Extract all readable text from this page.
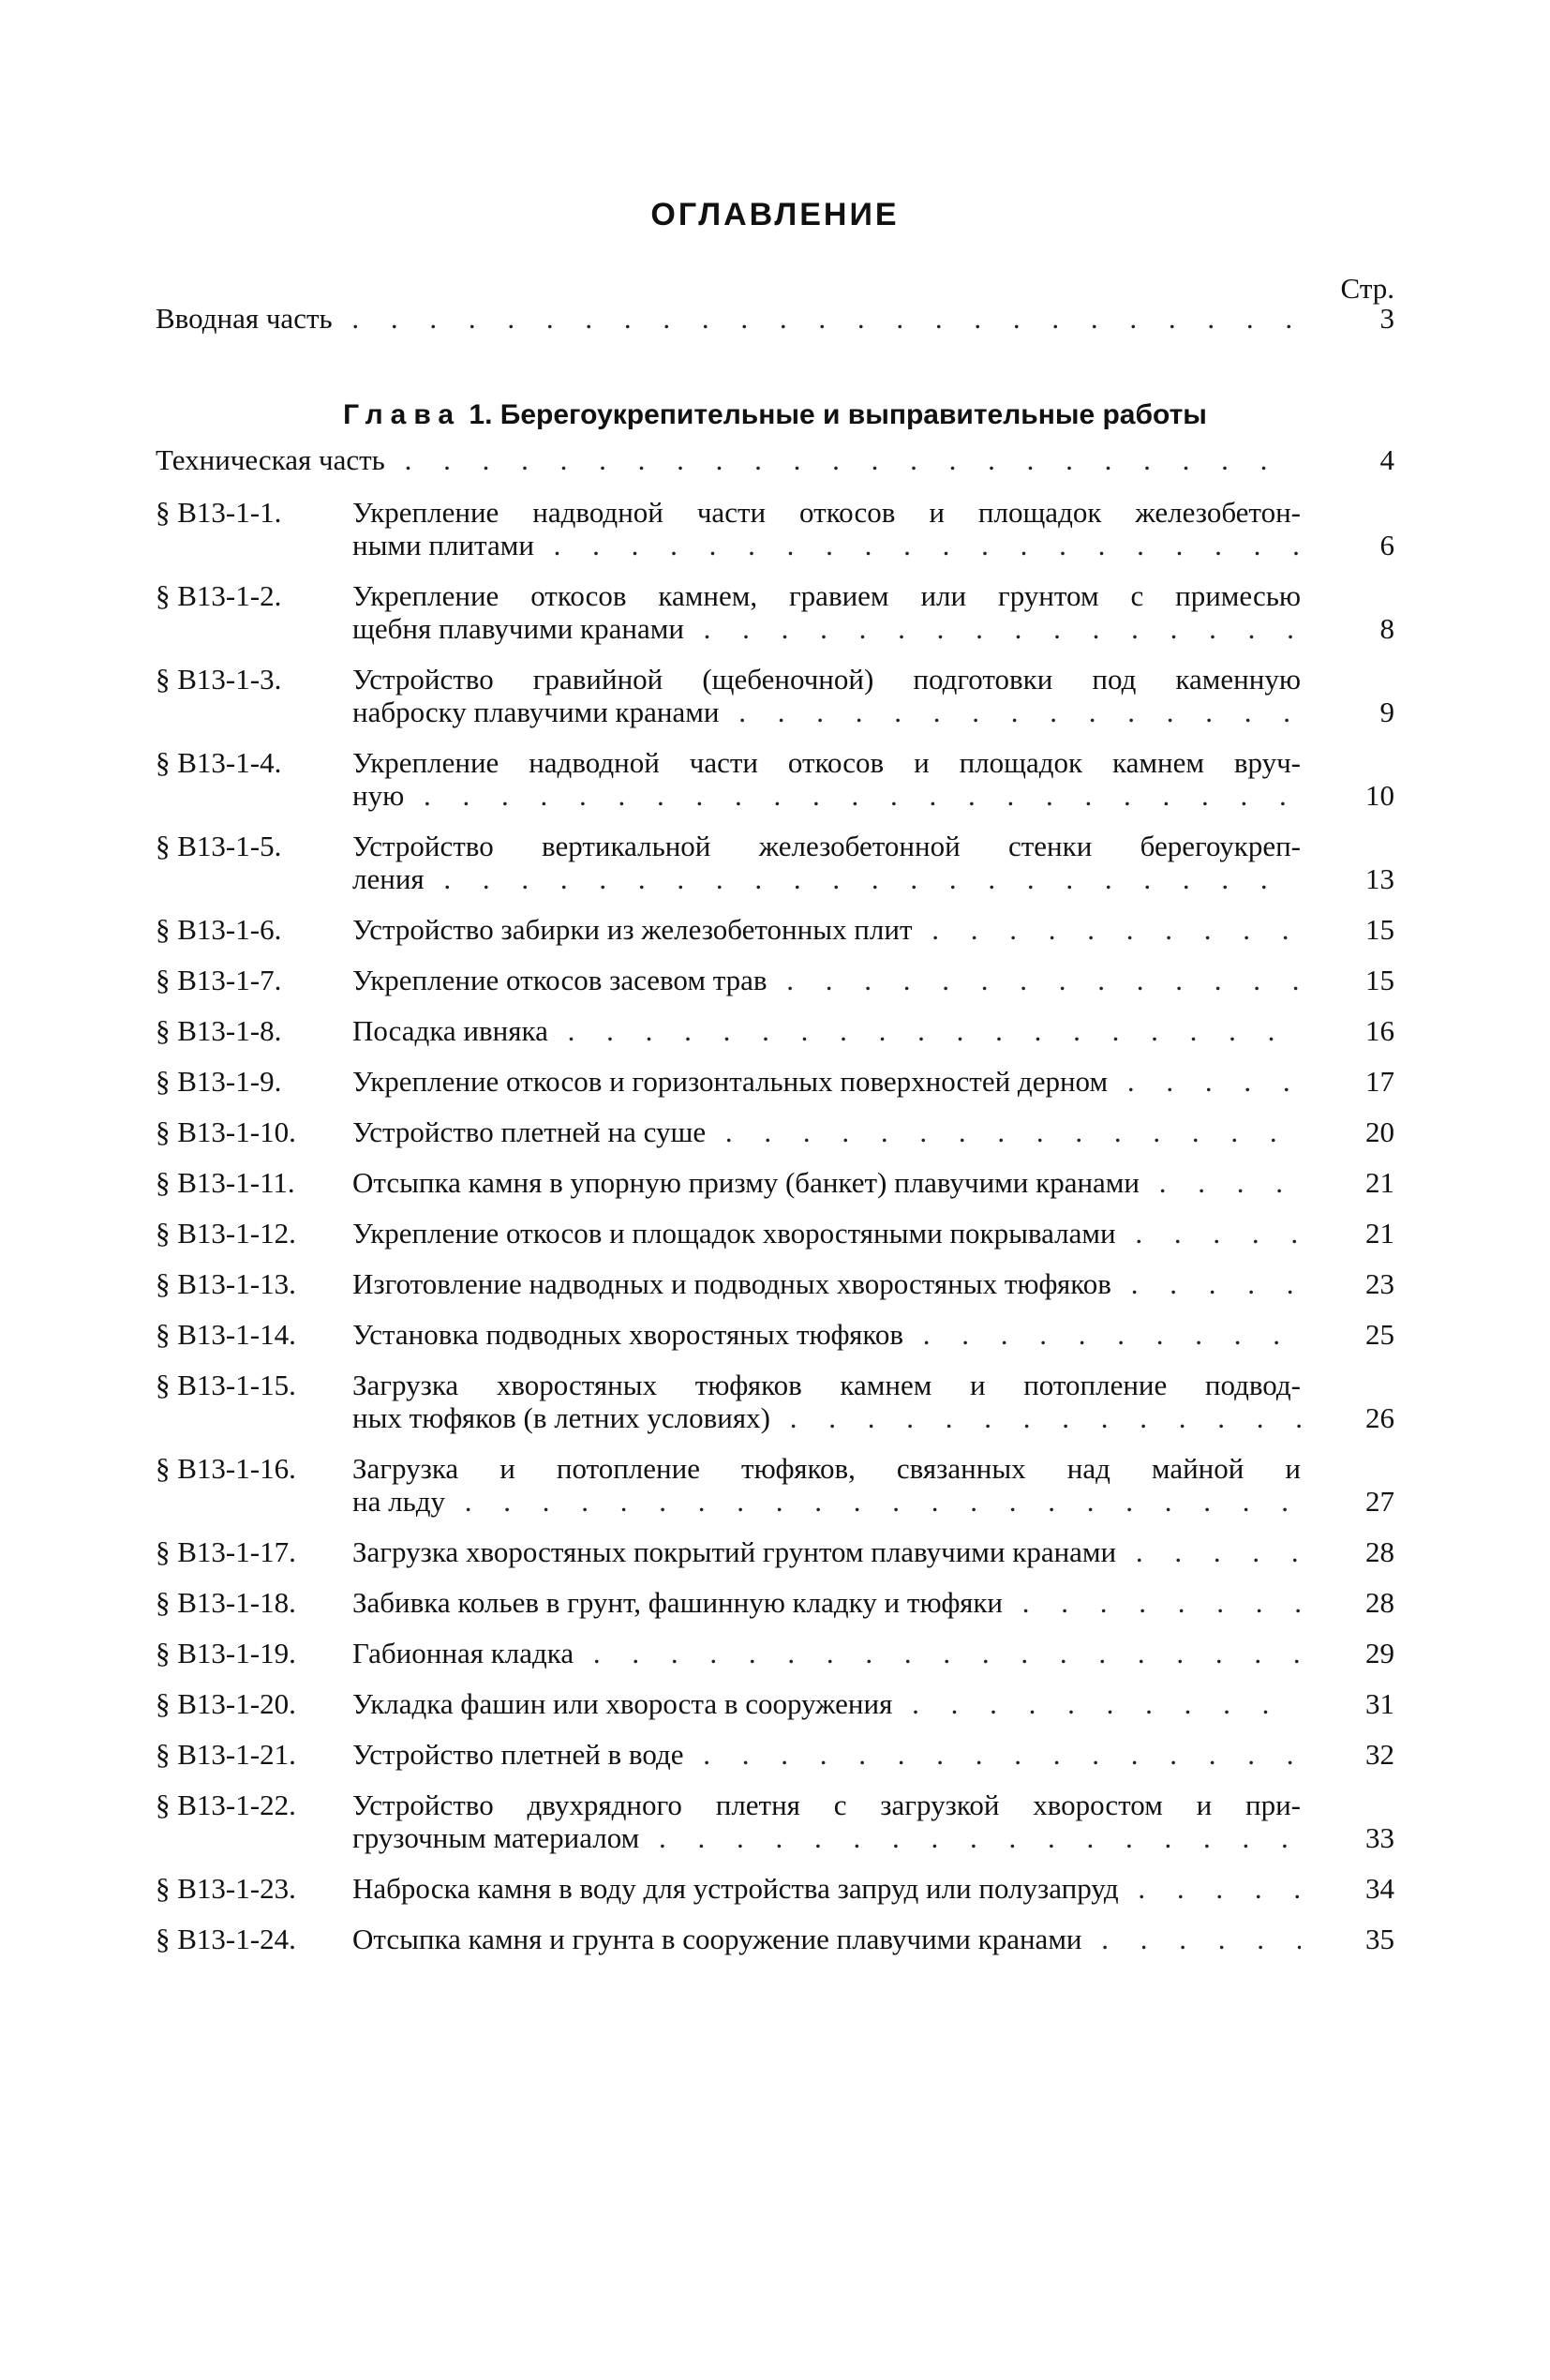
ОГЛАВЛЕНИЕ
Стр.
Вводная часть . . .	3
Глава 1. Берегоукрепительные и выправительные работы
Техническая часть . . .	4
§ В13-1-1.	Укрепление надводной части откосов и площадок железобетон-
ными плитами . . .	6
§ В13-1-2.	Укрепление откосов камнем, гравием или грунтом с примесью
щебня плавучими кранами . . .	8
§ В13-1-3.	Устройство гравийной (щебеночной) подготовки под каменную
наброску плавучими кранами . . .	9
§ В13-1-4.	Укрепление надводной части откосов и площадок камнем вруч-
ную . . .	10
§ В13-1-5.	Устройство вертикальной железобетонной стенки берегоукреп-
ления . . .	13
§ В13-1-6.	Устройство забирки из железобетонных плит . . .	15
§ В13-1-7.	Укрепление откосов засевом трав . . .	15
§ В13-1-8.	Посадка ивняка . . .	16
§ В13-1-9.	Укрепление откосов и горизонтальных поверхностей дерном . . .	17
§ В13-1-10.	Устройство плетней на суше . . .	20
§ В13-1-11.	Отсыпка камня в упорную призму (банкет) плавучими кранами . . .	21
§ В13-1-12.	Укрепление откосов и площадок хворостяными покрывалами . . .	21
§ В13-1-13.	Изготовление надводных и подводных хворостяных тюфяков . . .	23
§ В13-1-14.	Установка подводных хворостяных тюфяков . . .	25
§ В13-1-15.	Загрузка хворостяных тюфяков камнем и потопление подвод-
ных тюфяков (в летних условиях) . . .	26
§ В13-1-16.	Загрузка и потопление тюфяков, связанных над майной и
на льду . . .	27
§ В13-1-17.	Загрузка хворостяных покрытий грунтом плавучими кранами . . .	28
§ В13-1-18.	Забивка кольев в грунт, фашинную кладку и тюфяки . . .	28
§ В13-1-19.	Габионная кладка . . .	29
§ В13-1-20.	Укладка фашин или хвороста в сооружения . . .	31
§ В13-1-21.	Устройство плетней в воде . . .	32
§ В13-1-22.	Устройство двухрядного плетня с загрузкой хворостом и при-
грузочным материалом . . .	33
§ В13-1-23.	Наброска камня в воду для устройства запруд или полузапруд . . .	34
§ В13-1-24.	Отсыпка камня и грунта в сооружение плавучими кранами . . .	35
